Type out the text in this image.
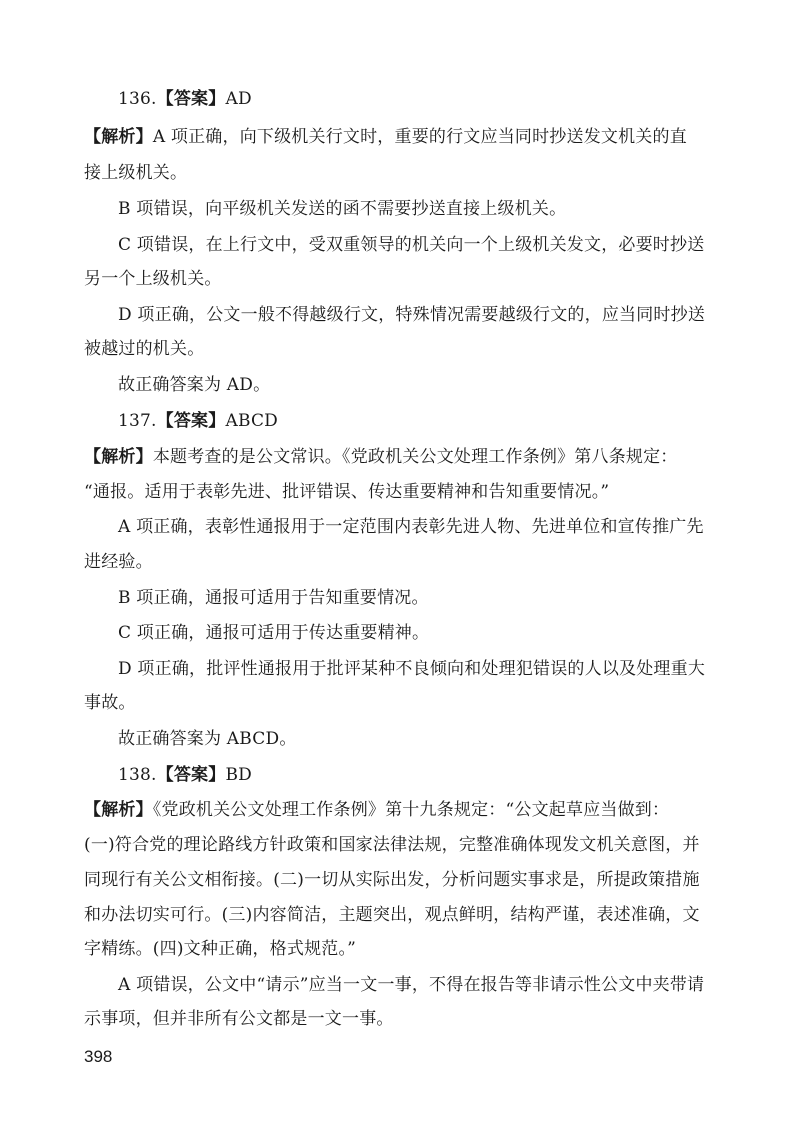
136.【答案】AD
【解析】A 项正确，向下级机关行文时，重要的行文应当同时抄送发文机关的直
接上级机关。
B 项错误，向平级机关发送的函不需要抄送直接上级机关。
C 项错误，在上行文中，受双重领导的机关向一个上级机关发文，必要时抄送
另一个上级机关。
D 项正确，公文一般不得越级行文，特殊情况需要越级行文的，应当同时抄送
被越过的机关。
故正确答案为 AD。
137.【答案】ABCD
【解析】本题考查的是公文常识。《党政机关公文处理工作条例》第八条规定：
“通报。适用于表彰先进、批评错误、传达重要精神和告知重要情况。”
A 项正确，表彰性通报用于一定范围内表彰先进人物、先进单位和宣传推广先
进经验。
B 项正确，通报可适用于告知重要情况。
C 项正确，通报可适用于传达重要精神。
D 项正确，批评性通报用于批评某种不良倾向和处理犯错误的人以及处理重大
事故。
故正确答案为 ABCD。
138.【答案】BD
【解析】《党政机关公文处理工作条例》第十九条规定：“公文起草应当做到：
(一)符合党的理论路线方针政策和国家法律法规，完整准确体现发文机关意图，并
同现行有关公文相衔接。(二)一切从实际出发，分析问题实事求是，所提政策措施
和办法切实可行。(三)内容简洁，主题突出，观点鲜明，结构严谨，表述准确，文
字精练。(四)文种正确，格式规范。”
A 项错误，公文中“请示”应当一文一事，不得在报告等非请示性公文中夹带请
示事项，但并非所有公文都是一文一事。
398
